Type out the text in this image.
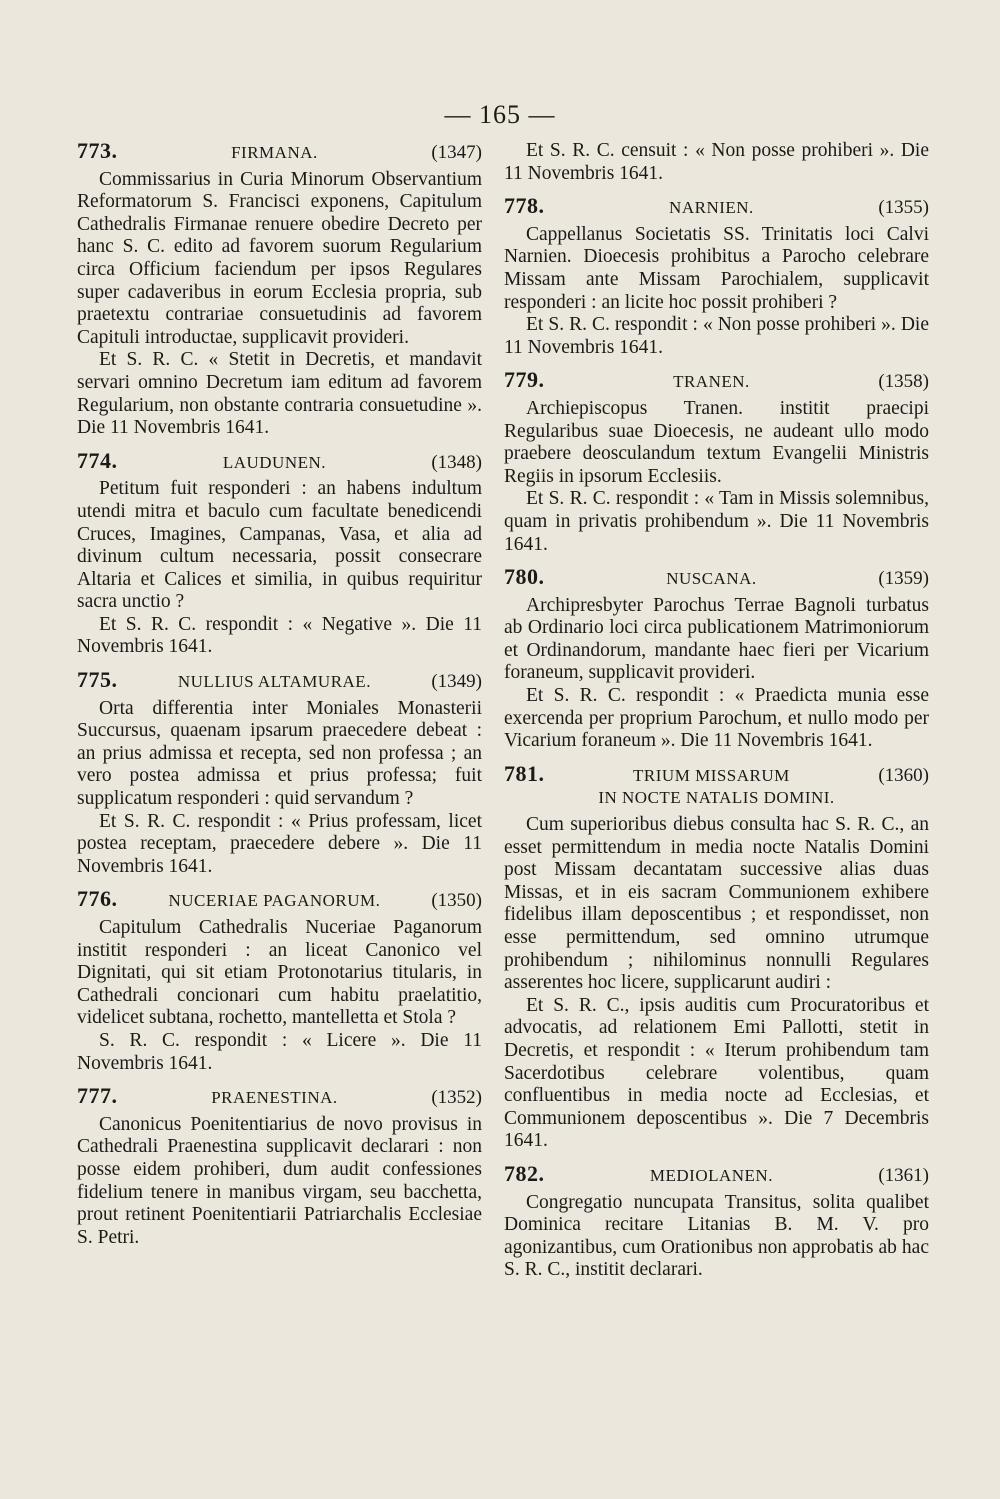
— 165 —
773.	FIRMANA.	(1347)

Commissarius in Curia Minorum Observantium Reformatorum S. Francisci exponens, Capitulum Cathedralis Firmanae renuere obedire Decreto per hanc S. C. edito ad favorem suorum Regularium circa Officium faciendum per ipsos Regulares super cadaveribus in eorum Ecclesia propria, sub praetextu contrariae consuetudinis ad favorem Capituli introductae, supplicavit provideri.

Et S. R. C. « Stetit in Decretis, et mandavit servari omnino Decretum iam editum ad favorem Regularium, non obstante contraria consuetudine ». Die 11 Novembris 1641.

774.	LAUDUNEN.	(1348)

Petitum fuit responderi : an habens indultum utendi mitra et baculo cum facultate benedicendi Cruces, Imagines, Campanas, Vasa, et alia ad divinum cultum necessaria, possit consecrare Altaria et Calices et similia, in quibus requiritur sacra unctio ?

Et S. R. C. respondit : « Negative ». Die 11 Novembris 1641.

775.	NULLIUS ALTAMURAE.	(1349)

Orta differentia inter Moniales Monasterii Succursus, quaenam ipsarum praecedere debeat : an prius admissa et recepta, sed non professa ; an vero postea admissa et prius professa; fuit supplicatum responderi : quid servandum ?

Et S. R. C. respondit : « Prius professam, licet postea receptam, praecedere debere ». Die 11 Novembris 1641.

776.	NUCERIAE PAGANORUM.	(1350)

Capitulum Cathedralis Nuceriae Paganorum institit responderi : an liceat Canonico vel Dignitati, qui sit etiam Protonotarius titularis, in Cathedrali concionari cum habitu praelatitio, videlicet subtana, rochetto, mantelletta et Stola ?

S. R. C. respondit : « Licere ». Die 11 Novembris 1641.

777.	PRAENESTINA.	(1352)

Canonicus Poenitentiarius de novo provisus in Cathedrali Praenestina supplicavit declarari : non posse eidem prohiberi, dum audit confessiones fidelium tenere in manibus virgam, seu bacchetta, prout retinent Poenitentiarii Patriarchalis Ecclesiae S. Petri.

Et S. R. C. censuit : « Non posse prohiberi ». Die 11 Novembris 1641.

778.	NARNIEN.	(1355)

Cappellanus Societatis SS. Trinitatis loci Calvi Narnien. Dioecesis prohibitus a Parocho celebrare Missam ante Missam Parochialem, supplicavit responderi : an licite hoc possit prohiberi ?

Et S. R. C. respondit : « Non posse prohiberi ». Die 11 Novembris 1641.

779.	TRANEN.	(1358)

Archiepiscopus Tranen. institit praecipi Regularibus suae Dioecesis, ne audeant ullo modo praebere deosculandum textum Evangelii Ministris Regiis in ipsorum Ecclesiis.

Et S. R. C. respondit : « Tam in Missis solemnibus, quam in privatis prohibendum ». Die 11 Novembris 1641.

780.	NUSCANA.	(1359)

Archipresbyter Parochus Terrae Bagnoli turbatus ab Ordinario loci circa publicationem Matrimoniorum et Ordinandorum, mandante haec fieri per Vicarium foraneum, supplicavit provideri.

Et S. R. C. respondit : « Praedicta munia esse exercenda per proprium Parochum, et nullo modo per Vicarium foraneum ». Die 11 Novembris 1641.

781.	TRIUM MISSARUM	(1360)
IN NOCTE NATALIS DOMINI.

Cum superioribus diebus consulta hac S. R. C., an esset permittendum in media nocte Natalis Domini post Missam decantatam successive alias duas Missas, et in eis sacram Communionem exhibere fidelibus illam deposcentibus ; et respondisset, non esse permittendum, sed omnino utrumque prohibendum ; nihilominus nonnulli Regulares asserentes hoc licere, supplicarunt audiri :

Et S. R. C., ipsis auditis cum Procuratoribus et advocatis, ad relationem Emi Pallotti, stetit in Decretis, et respondit : « Iterum prohibendum tam Sacerdotibus celebrare volentibus, quam confluentibus in media nocte ad Ecclesias, et Communionem deposcentibus ». Die 7 Decembris 1641.

782.	MEDIOLANEN.	(1361)

Congregatio nuncupata Transitus, solita qualibet Dominica recitare Litanias B. M. V. pro agonizantibus, cum Orationibus non approbatis ab hac S. R. C., institit declarari.
